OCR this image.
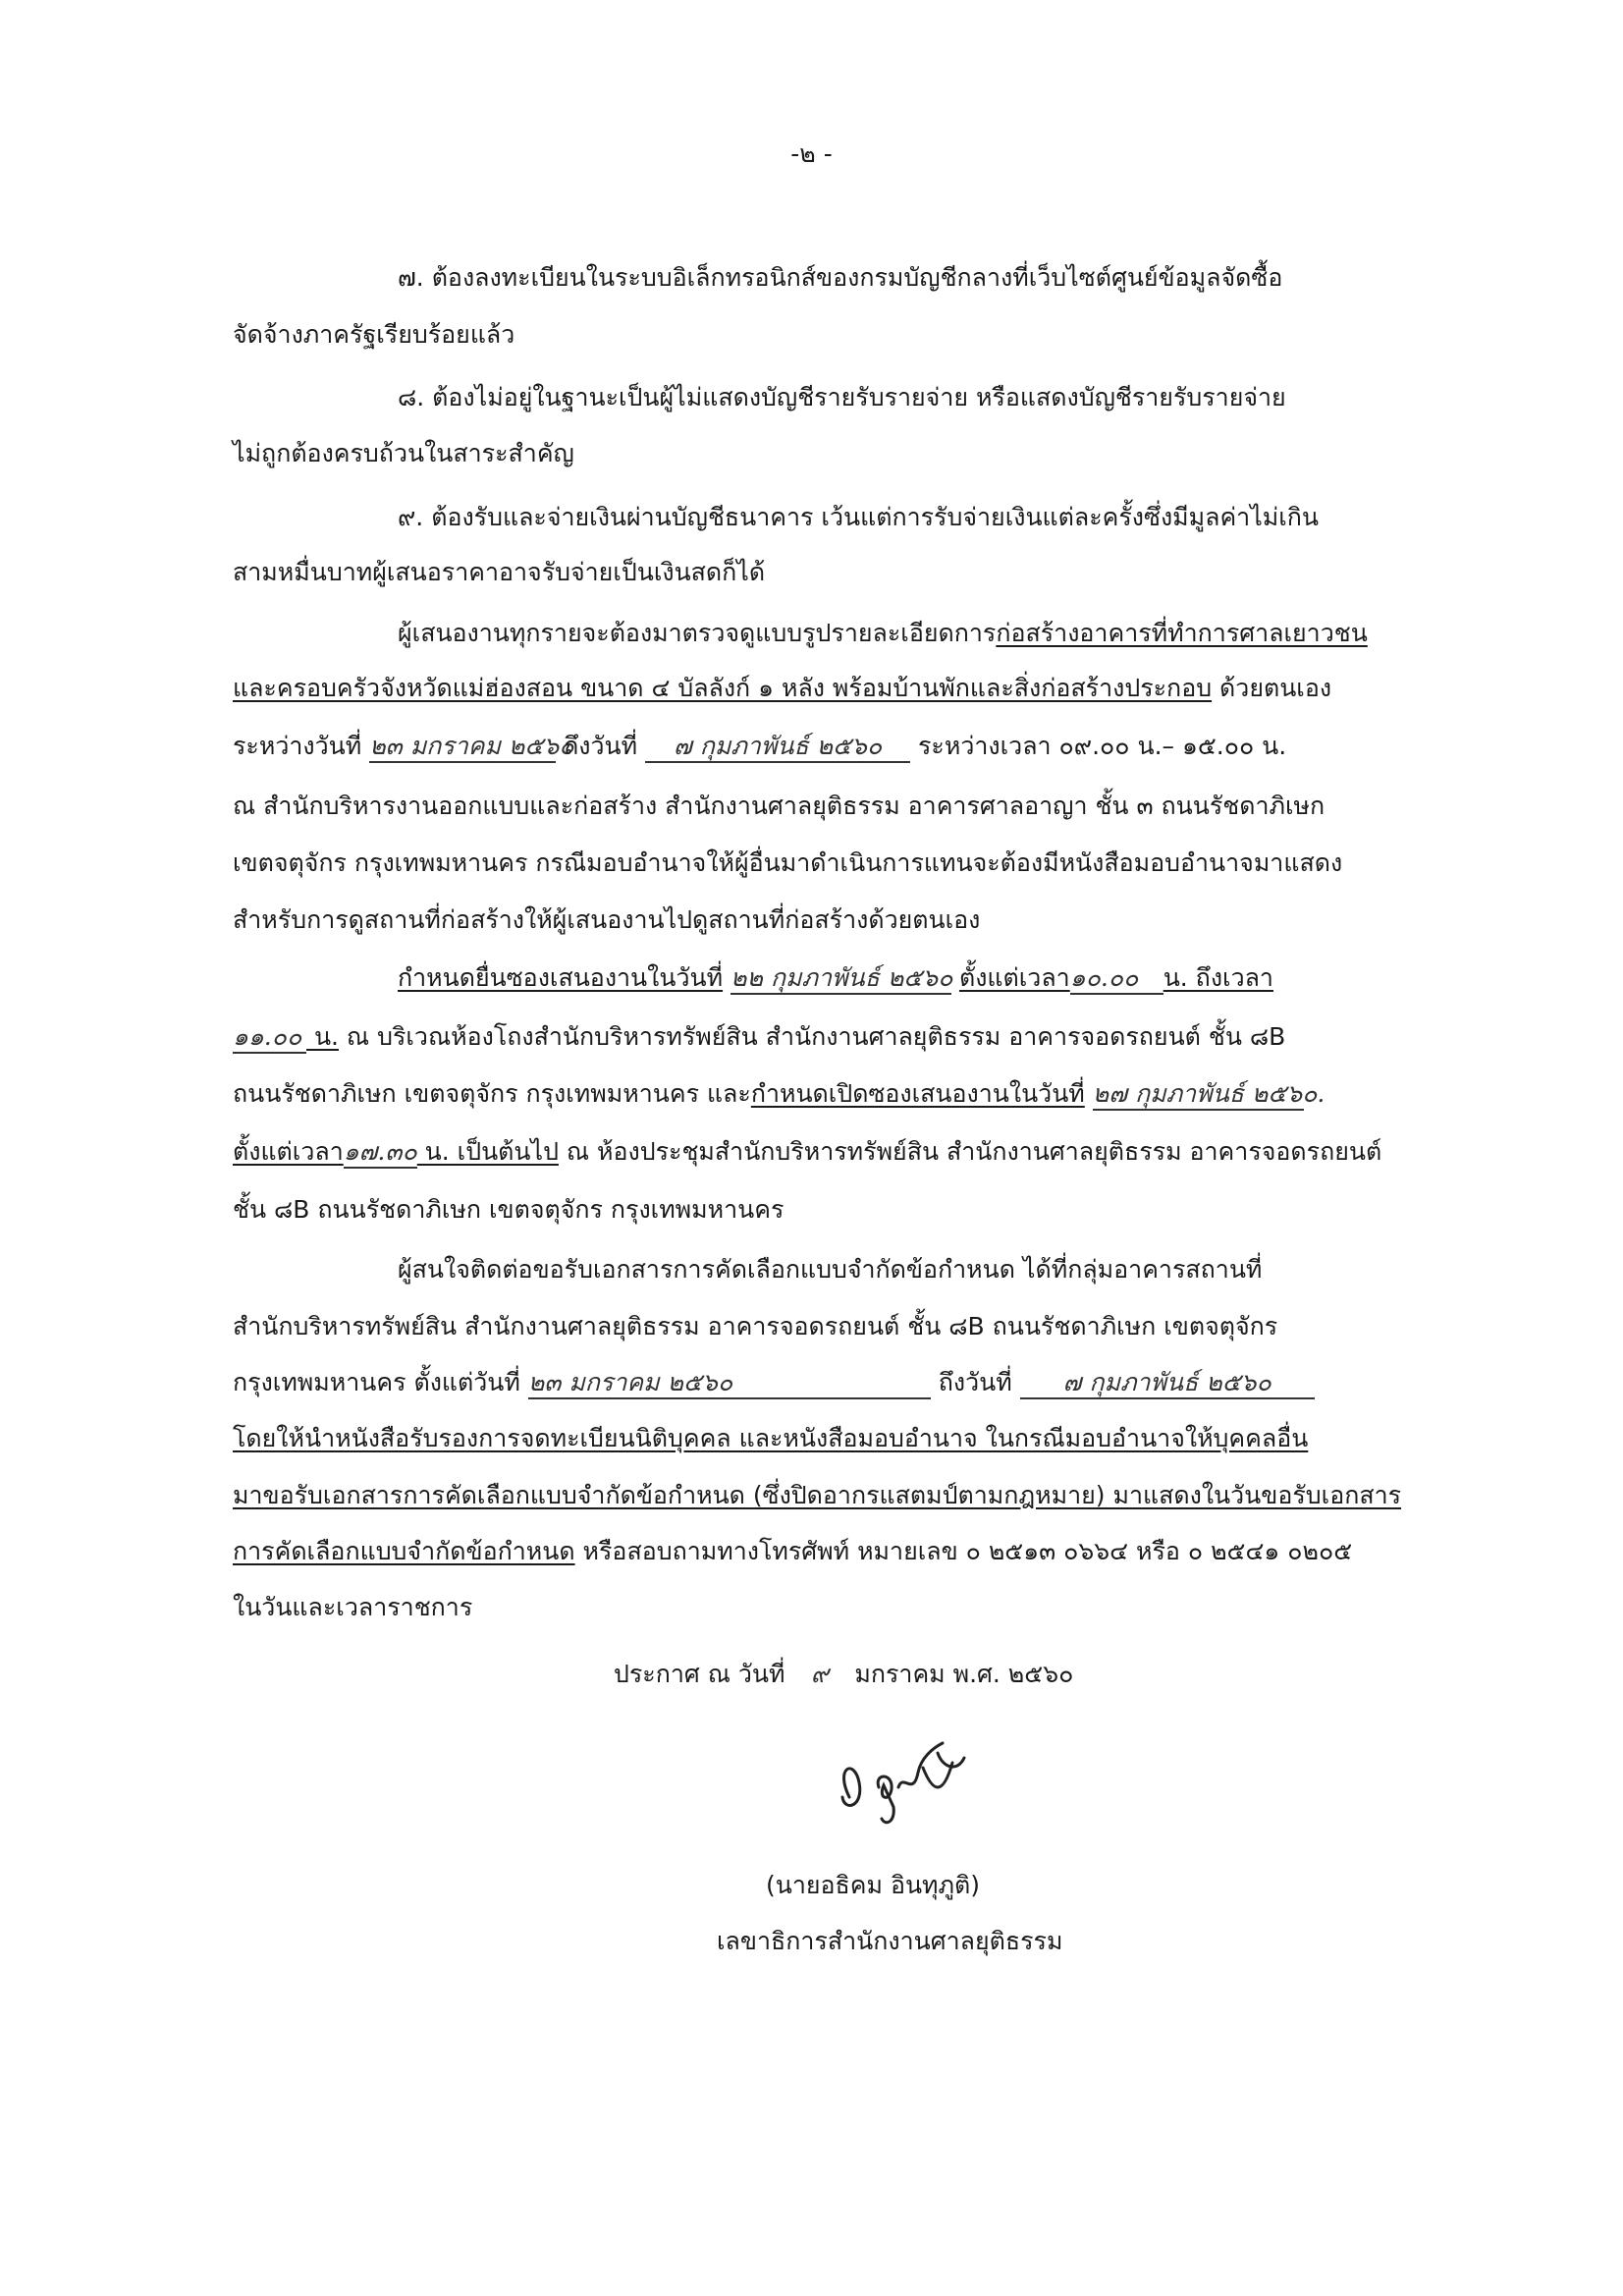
-๒ -
๗. ต้องลงทะเบียนในระบบอิเล็กทรอนิกส์ของกรมบัญชีกลางที่เว็บไซต์ศูนย์ข้อมูลจัดซื้อ
จัดจ้างภาครัฐเรียบร้อยแล้ว
๘. ต้องไม่อยู่ในฐานะเป็นผู้ไม่แสดงบัญชีรายรับรายจ่าย หรือแสดงบัญชีรายรับรายจ่าย
ไม่ถูกต้องครบถ้วนในสาระสำคัญ
๙. ต้องรับและจ่ายเงินผ่านบัญชีธนาคาร เว้นแต่การรับจ่ายเงินแต่ละครั้งซึ่งมีมูลค่าไม่เกิน
สามหมื่นบาทผู้เสนอราคาอาจรับจ่ายเป็นเงินสดก็ได้
ผู้เสนองานทุกรายจะต้องมาตรวจดูแบบรูปรายละเอียดการก่อสร้างอาคารที่ทำการศาลเยาวชน
และครอบครัวจังหวัดแม่ฮ่องสอน ขนาด ๔ บัลลังก์ ๑ หลัง พร้อมบ้านพักและสิ่งก่อสร้างประกอบ ด้วยตนเอง
ระหว่างวันที่ ๒๓ มกราคม ๒๕๖๐ ถึงวันที่ ๗ กุมภาพันธ์ ๒๕๖๐ ระหว่างเวลา ๐๙.๐๐ น.– ๑๕.๐๐ น.
ณ สำนักบริหารงานออกแบบและก่อสร้าง สำนักงานศาลยุติธรรม อาคารศาลอาญา ชั้น ๓ ถนนรัชดาภิเษก
เขตจตุจักร กรุงเทพมหานคร กรณีมอบอำนาจให้ผู้อื่นมาดำเนินการแทนจะต้องมีหนังสือมอบอำนาจมาแสดง
สำหรับการดูสถานที่ก่อสร้างให้ผู้เสนองานไปดูสถานที่ก่อสร้างด้วยตนเอง
กำหนดยื่นซองเสนองานในวันที่ ๒๒ กุมภาพันธ์ ๒๕๖๐ ตั้งแต่เวลา๑๐.๐๐ น. ถึงเวลา
๑๑.๐๐ น. ณ บริเวณห้องโถงสำนักบริหารทรัพย์สิน สำนักงานศาลยุติธรรม อาคารจอดรถยนต์ ชั้น ๘B
ถนนรัชดาภิเษก เขตจตุจักร กรุงเทพมหานคร และกำหนดเปิดซองเสนองานในวันที่ ๒๗ กุมภาพันธ์ ๒๕๖๐.
ตั้งแต่เวลา๑๗.๓๐ น. เป็นต้นไป ณ ห้องประชุมสำนักบริหารทรัพย์สิน สำนักงานศาลยุติธรรม อาคารจอดรถยนต์
ชั้น ๘B ถนนรัชดาภิเษก เขตจตุจักร กรุงเทพมหานคร
ผู้สนใจติดต่อขอรับเอกสารการคัดเลือกแบบจำกัดข้อกำหนด ได้ที่กลุ่มอาคารสถานที่
สำนักบริหารทรัพย์สิน สำนักงานศาลยุติธรรม อาคารจอดรถยนต์ ชั้น ๘B ถนนรัชดาภิเษก เขตจตุจักร
กรุงเทพมหานคร ตั้งแต่วันที่ ๒๓ มกราคม ๒๕๖๐	ถึงวันที่ ๗ กุมภาพันธ์ ๒๕๖๐
โดยให้นำหนังสือรับรองการจดทะเบียนนิติบุคคล และหนังสือมอบอำนาจ ในกรณีมอบอำนาจให้บุคคลอื่น
มาขอรับเอกสารการคัดเลือกแบบจำกัดข้อกำหนด (ซึ่งปิดอากรแสตมป์ตามกฎหมาย) มาแสดงในวันขอรับเอกสาร
การคัดเลือกแบบจำกัดข้อกำหนด หรือสอบถามทางโทรศัพท์ หมายเลข ๐ ๒๕๑๓ ๐๖๖๔ หรือ ๐ ๒๕๔๑ ๐๒๐๕
ในวันและเวลาราชการ
ประกาศ ณ วันที่ ๙ มกราคม พ.ศ. ๒๕๖๐
(นายอธิคม อินทุภูติ)
เลขาธิการสำนักงานศาลยุติธรรม
